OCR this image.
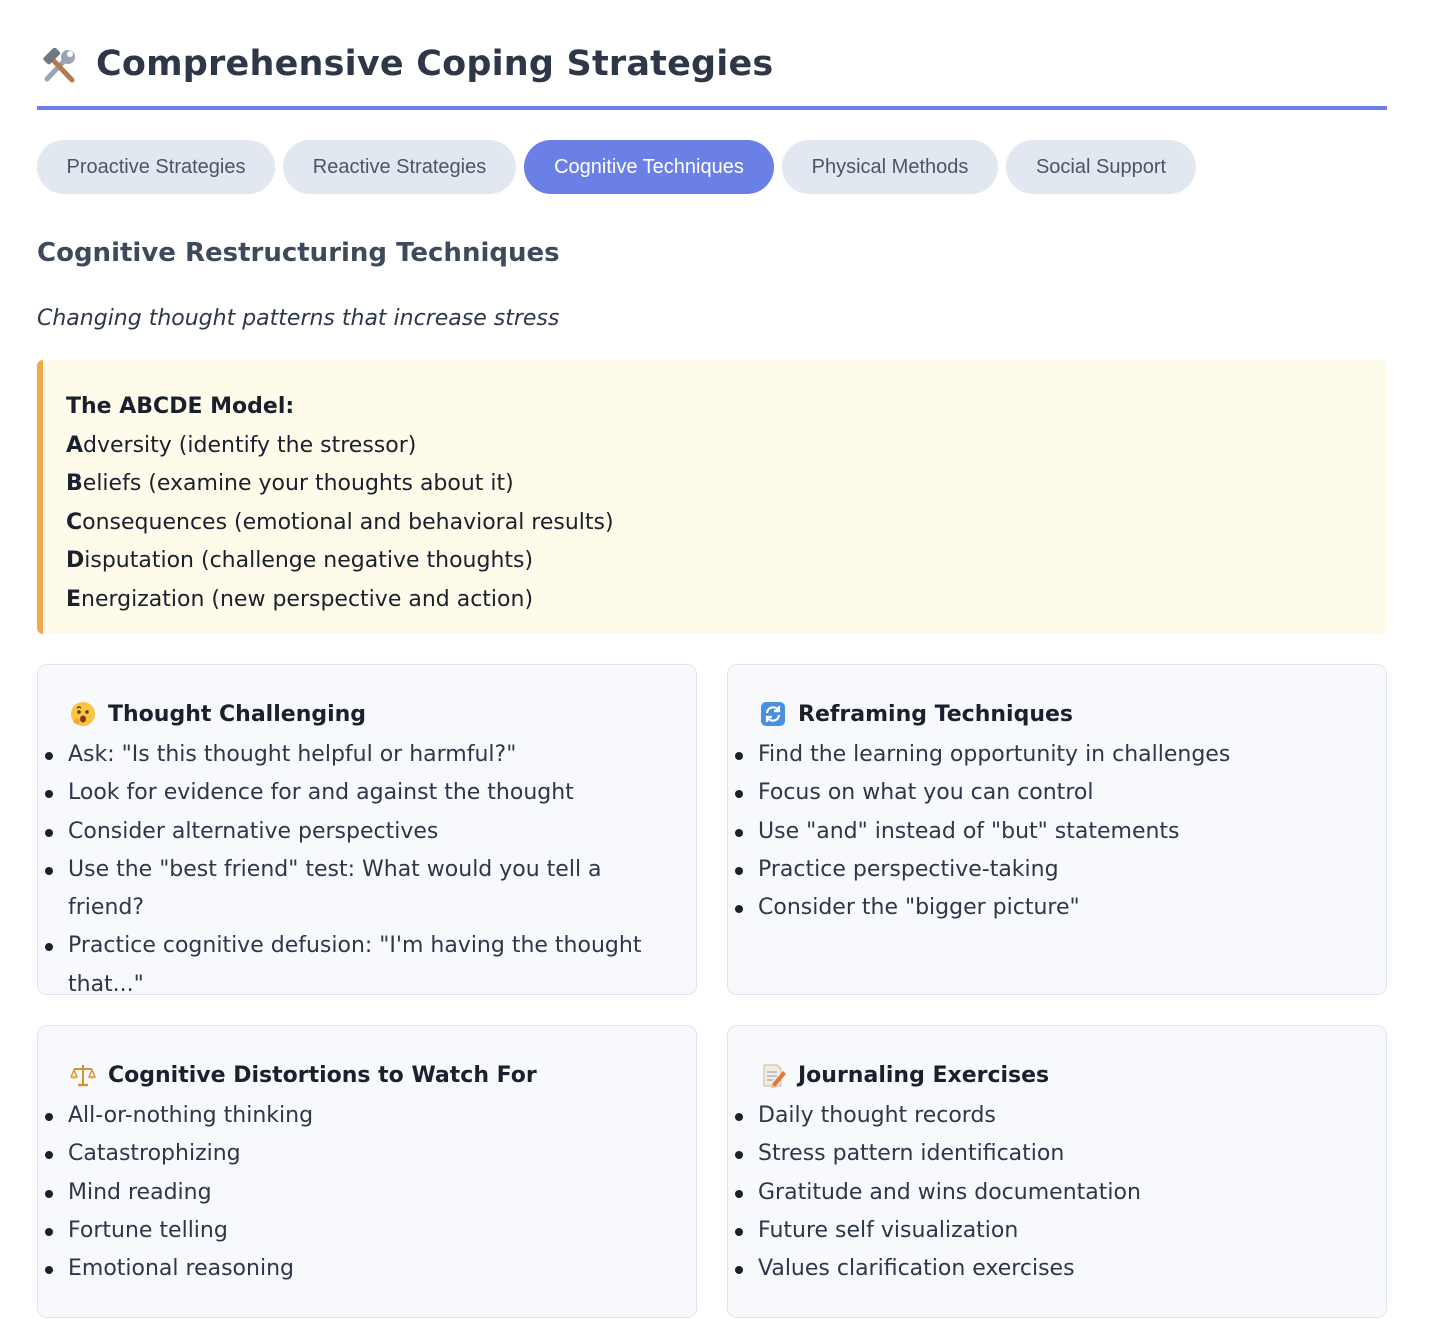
Comprehensive Coping Strategies
Proactive Strategies	Reactive Strategies	Cognitive Techniques	Physical Methods	Social Support
Cognitive Restructuring Techniques

Changing thought patterns that increase stress

The ABCDE Model:
Adversity (identify the stressor)
Beliefs (examine your thoughts about it)
Consequences (emotional and behavioral results)
Disputation (challenge negative thoughts)
Energization (new perspective and action)
Thought Challenging
Ask: "Is this thought helpful or harmful?"
Look for evidence for and against the thought
Consider alternative perspectives
Use the "best friend" test: What would you tell a friend?
Practice cognitive defusion: "I'm having the thought that..."
Reframing Techniques
Find the learning opportunity in challenges
Focus on what you can control
Use "and" instead of "but" statements
Practice perspective-taking
Consider the "bigger picture"
Cognitive Distortions to Watch For
All-or-nothing thinking
Catastrophizing
Mind reading
Fortune telling
Emotional reasoning
Journaling Exercises
Daily thought records
Stress pattern identification
Gratitude and wins documentation
Future self visualization
Values clarification exercises
